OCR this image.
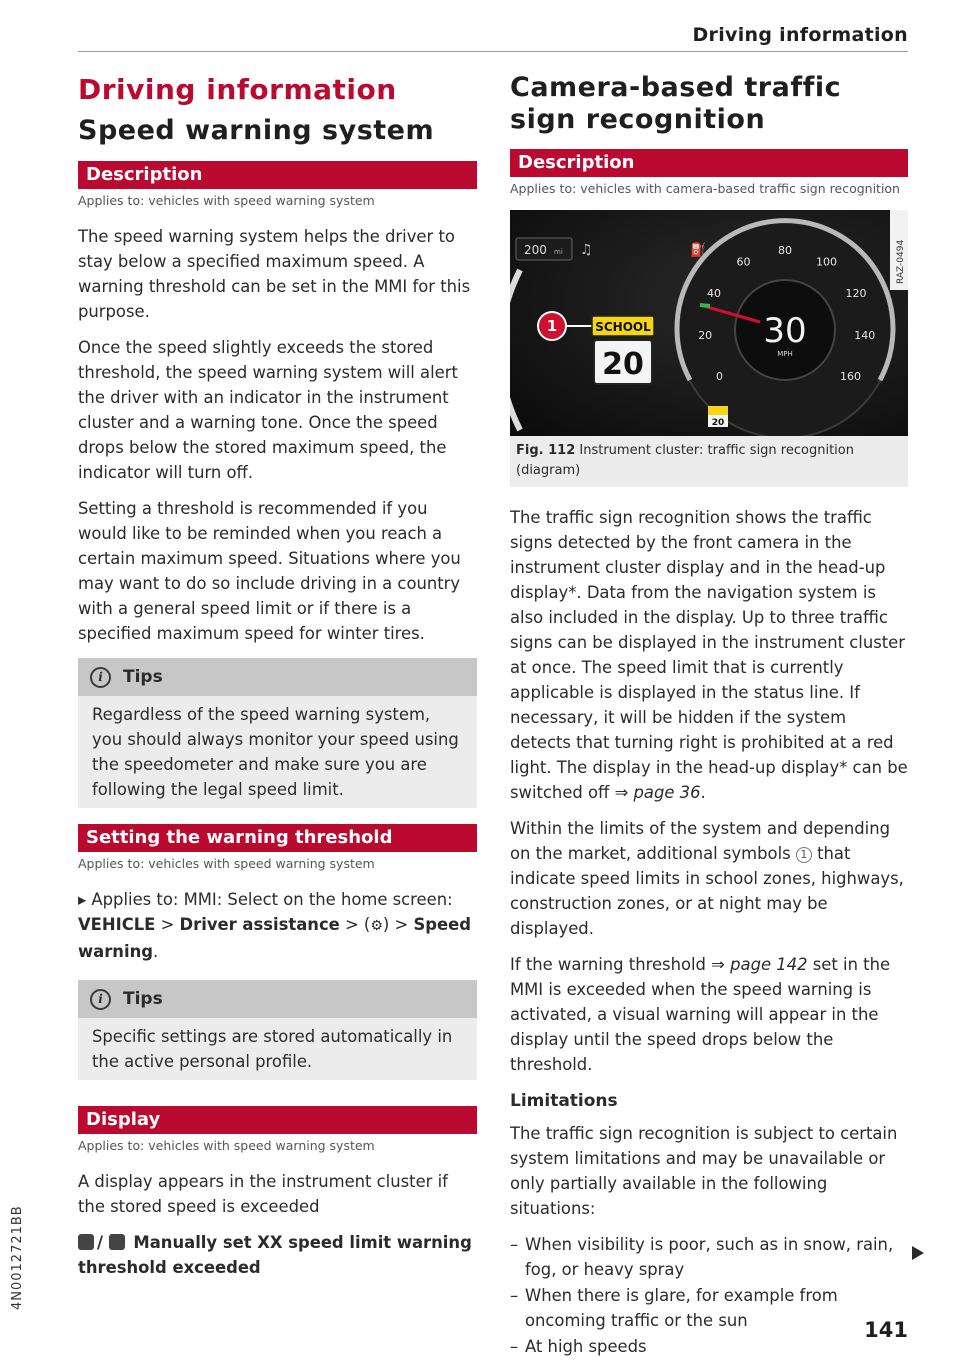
Driving information
4N0012721BB
Driving information
Speed warning system
Description
Applies to: vehicles with speed warning system

The speed warning system helps the driver to stay below a specified maximum speed. A warning threshold can be set in the MMI for this purpose.

Once the speed slightly exceeds the stored threshold, the speed warning system will alert the driver with an indicator in the instrument cluster and a warning tone. Once the speed drops below the stored maximum speed, the indicator will turn off.

Setting a threshold is recommended if you would like to be reminded when you reach a certain maximum speed. Situations where you may want to do so include driving in a country with a general speed limit or if there is a specified maximum speed for winter tires.

i	Tips

Regardless of the speed warning system, you should always monitor your speed using the speedometer and make sure you are following the legal speed limit.

Setting the warning threshold
Applies to: vehicles with speed warning system
▸ Applies to: MMI: Select on the home screen: VEHICLE > Driver assistance > (⚙) > Speed warning.
i	Tips

Specific settings are stored automatically in the active personal profile.

Display
Applies to: vehicles with speed warning system

A display appears in the instrument cluster if the stored speed is exceeded

/  Manually set XX speed limit warning threshold exceeded
Camera-based traffic sign recognition
Description
Applies to: vehicles with camera-based traffic sign recognition
200 mi ♫	⛽
0
20
40
60
80
100
120
140
160
30
MPH
1	SCHOOL
20
20
RAZ-0494
Fig. 112 Instrument cluster: traffic sign recognition (diagram)

The traffic sign recognition shows the traffic signs detected by the front camera in the instrument cluster display and in the head-up display*. Data from the navigation system is also included in the display. Up to three traffic signs can be displayed in the instrument cluster at once. The speed limit that is currently applicable is displayed in the status line. If necessary, it will be hidden if the system detects that turning right is prohibited at a red light. The display in the head-up display* can be switched off ⇒ page 36.

Within the limits of the system and depending on the market, additional symbols 1 that indicate speed limits in school zones, highways, construction zones, or at night may be displayed.

If the warning threshold ⇒ page 142 set in the MMI is exceeded when the speed warning is activated, a visual warning will appear in the display until the speed drops below the threshold.

Limitations

The traffic sign recognition is subject to certain system limitations and may be unavailable or only partially available in the following situations:

– When visibility is poor, such as in snow, rain, fog, or heavy spray
– When there is glare, for example from oncoming traffic or the sun
– At high speeds
141
